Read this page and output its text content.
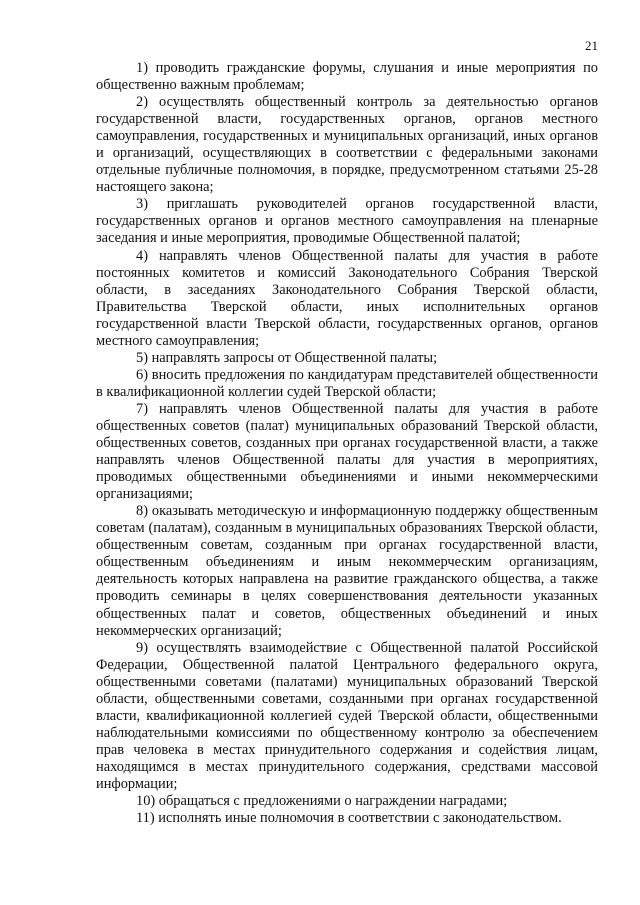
21

1) проводить гражданские форумы, слушания и иные мероприятия по общественно важным проблемам;

2) осуществлять общественный контроль за деятельностью органов государственной власти, государственных органов, органов местного самоуправления, государственных и муниципальных организаций, иных органов и организаций, осуществляющих в соответствии с федеральными законами отдельные публичные полномочия, в порядке, предусмотренном статьями 25-28 настоящего закона;

3) приглашать руководителей органов государственной власти, государственных органов и органов местного самоуправления на пленарные заседания и иные мероприятия, проводимые Общественной палатой;

4) направлять членов Общественной палаты для участия в работе постоянных комитетов и комиссий Законодательного Собрания Тверской области, в заседаниях Законодательного Собрания Тверской области, Правительства Тверской области, иных исполнительных органов государственной власти Тверской области, государственных органов, органов местного самоуправления;

5) направлять запросы от Общественной палаты;

6) вносить предложения по кандидатурам представителей общественности в квалификационной коллегии судей Тверской области;

7) направлять членов Общественной палаты для участия в работе общественных советов (палат) муниципальных образований Тверской области, общественных советов, созданных при органах государственной власти, а также направлять членов Общественной палаты для участия в мероприятиях, проводимых общественными объединениями и иными некоммерческими организациями;

8) оказывать методическую и информационную поддержку общественным советам (палатам), созданным в муниципальных образованиях Тверской области, общественным советам, созданным при органах государственной власти, общественным объединениям и иным некоммерческим организациям, деятельность которых направлена на развитие гражданского общества, а также проводить семинары в целях совершенствования деятельности указанных общественных палат и советов, общественных объединений и иных некоммерческих организаций;

9) осуществлять взаимодействие с Общественной палатой Российской Федерации, Общественной палатой Центрального федерального округа, общественными советами (палатами) муниципальных образований Тверской области, общественными советами, созданными при органах государственной власти, квалификационной коллегией судей Тверской области, общественными наблюдательными комиссиями по общественному контролю за обеспечением прав человека в местах принудительного содержания и содействия лицам, находящимся в местах принудительного содержания, средствами массовой информации;

10) обращаться с предложениями о награждении наградами;

11) исполнять иные полномочия в соответствии с законодательством.
